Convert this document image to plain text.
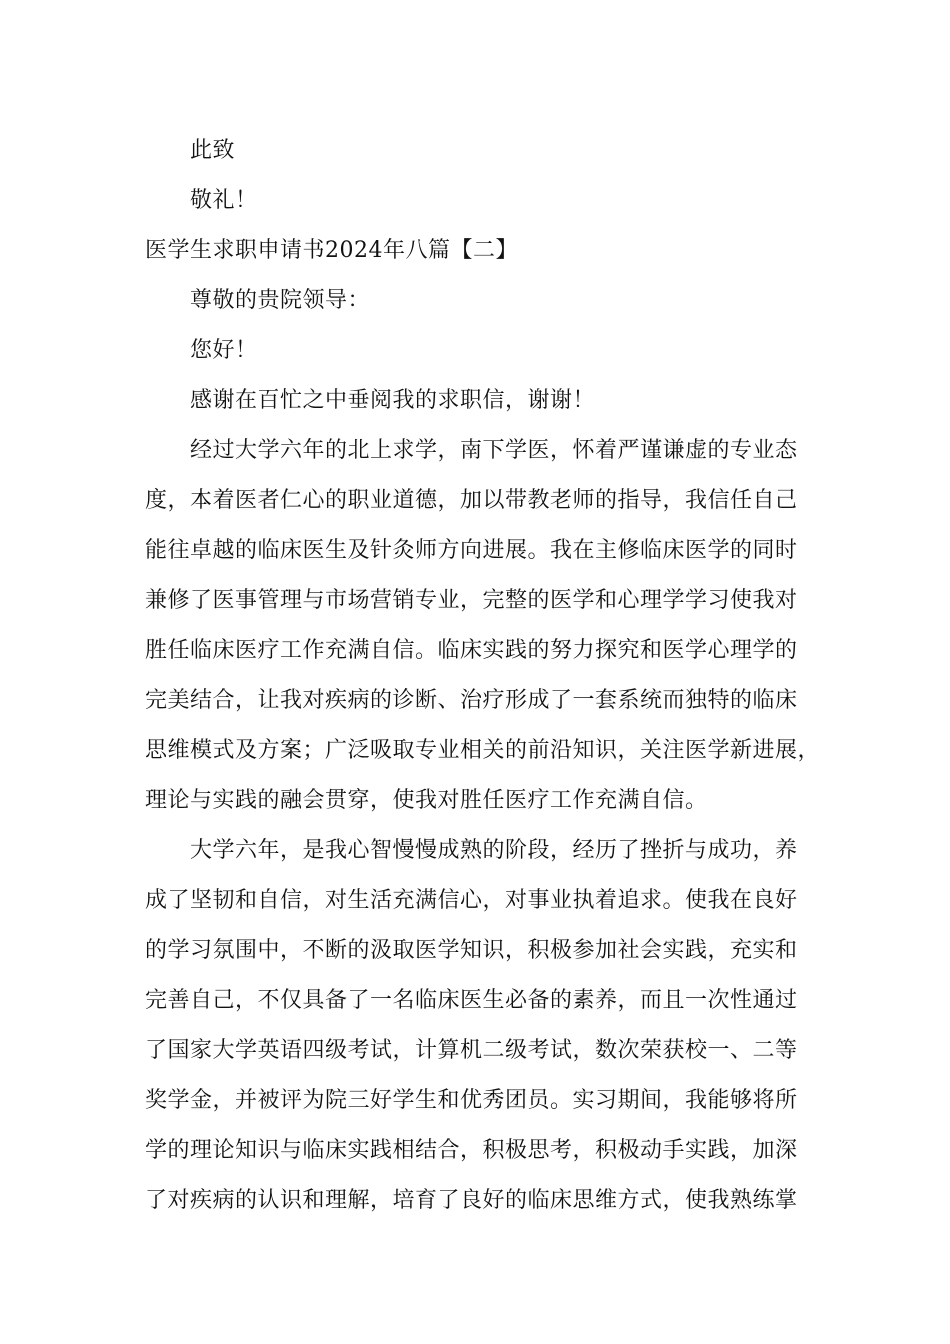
此致
敬礼！
医学生求职申请书2024年八篇【二】
尊敬的贵院领导：
您好！
感谢在百忙之中垂阅我的求职信，谢谢！
经过大学六年的北上求学，南下学医，怀着严谨谦虚的专业态
度，本着医者仁心的职业道德，加以带教老师的指导，我信任自己
能往卓越的临床医生及针灸师方向进展。我在主修临床医学的同时
兼修了医事管理与市场营销专业，完整的医学和心理学学习使我对
胜任临床医疗工作充满自信。临床实践的努力探究和医学心理学的
完美结合，让我对疾病的诊断、治疗形成了一套系统而独特的临床
思维模式及方案；广泛吸取专业相关的前沿知识，关注医学新进展，
理论与实践的融会贯穿，使我对胜任医疗工作充满自信。
大学六年，是我心智慢慢成熟的阶段，经历了挫折与成功，养
成了坚韧和自信，对生活充满信心，对事业执着追求。使我在良好
的学习氛围中，不断的汲取医学知识，积极参加社会实践，充实和
完善自己，不仅具备了一名临床医生必备的素养，而且一次性通过
了国家大学英语四级考试，计算机二级考试，数次荣获校一、二等
奖学金，并被评为院三好学生和优秀团员。实习期间，我能够将所
学的理论知识与临床实践相结合，积极思考，积极动手实践，加深
了对疾病的认识和理解，培育了良好的临床思维方式，使我熟练掌
